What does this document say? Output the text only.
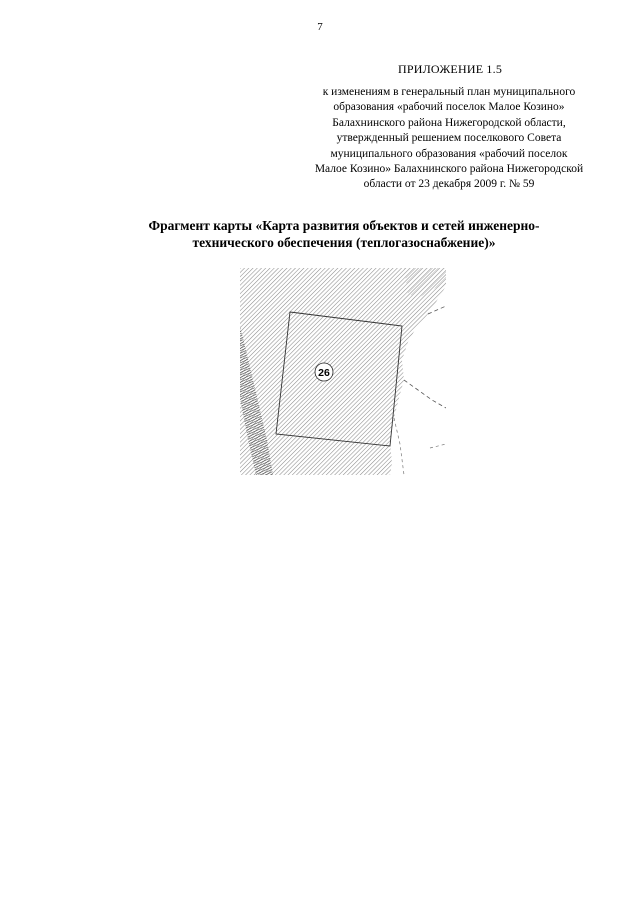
7
ПРИЛОЖЕНИЕ 1.5
к изменениям в генеральный план муниципального
образования «рабочий поселок Малое Козино»
Балахнинского района Нижегородской области,
утвержденный решением поселкового Совета
муниципального образования «рабочий поселок
Малое Козино» Балахнинского района Нижегородской
области от 23 декабря 2009 г. № 59
Фрагмент карты «Карта развития объектов и сетей инженерно-
технического обеспечения (теплогазоснабжение)»
26
